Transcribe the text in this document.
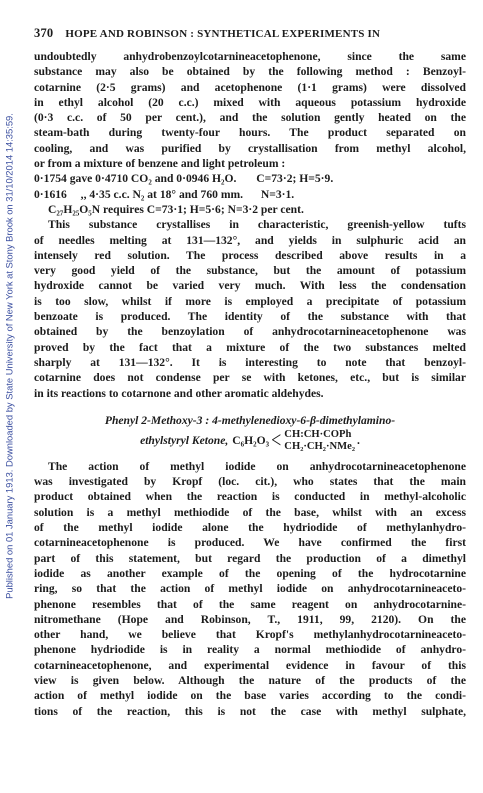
Published on 01 January 1913. Downloaded by State University of New York at Stony Brook on 31/10/2014 14:35:59.
370 HOPE AND ROBINSON : SYNTHETICAL EXPERIMENTS IN

undoubtedly anhydrobenzoylcotarnineacetophenone, since the same

substance may also be obtained by the following method : Benzoyl-

cotarnine (2·5 grams) and acetophenone (1·1 grams) were dissolved

in ethyl alcohol (20 c.c.) mixed with aqueous potassium hydroxide

(0·3 c.c. of 50 per cent.), and the solution gently heated on the

steam-bath during twenty-four hours. The product separated on

cooling, and was purified by crystallisation from methyl alcohol,

or from a mixture of benzene and light petroleum :

0·1754 gave 0·4710 CO₂ and 0·0946 H₂O. C=73·2; H=5·9.

0·1616 ,, 4·35 c.c. N₂ at 18° and 760 mm. N=3·1.

C₂₇H₂₅O₅N requires C=73·1; H=5·6; N=3·2 per cent.

This substance crystallises in characteristic, greenish-yellow tufts

of needles melting at 131—132°, and yields in sulphuric acid an

intensely red solution. The process described above results in a

very good yield of the substance, but the amount of potassium

hydroxide cannot be varied very much. With less the condensation

is too slow, whilst if more is employed a precipitate of potassium

benzoate is produced. The identity of the substance with that

obtained by the benzoylation of anhydrocotarnineacetophenone was

proved by the fact that a mixture of the two substances melted

sharply at 131—132°. It is interesting to note that benzoyl-

cotarnine does not condense per se with ketones, etc., but is similar

in its reactions to cotarnone and other aromatic aldehydes.

Phenyl 2-Methoxy-3 : 4-methylenedioxy-6-β-dimethylamino-
ethylstyryl Ketone, C₆H₂O₃ < CH:CH·COPh
CH₂·CH₂·NMe₂ .

The action of methyl iodide on anhydrocotarnineacetophenone

was investigated by Kropf (loc. cit.), who states that the main

product obtained when the reaction is conducted in methyl-alcoholic

solution is a methyl methiodide of the base, whilst with an excess

of the methyl iodide alone the hydriodide of methylanhydro-

cotarnineacetophenone is produced. We have confirmed the first

part of this statement, but regard the production of a dimethyl

iodide as another example of the opening of the hydrocotarnine

ring, so that the action of methyl iodide on anhydrocotarnineaceto-

phenone resembles that of the same reagent on anhydrocotarnine-

nitromethane (Hope and Robinson, T., 1911, 99, 2120). On the

other hand, we believe that Kropf's methylanhydrocotarnineaceto-

phenone hydriodide is in reality a normal methiodide of anhydro-

cotarnineacetophenone, and experimental evidence in favour of this

view is given below. Although the nature of the products of the

action of methyl iodide on the base varies according to the condi-

tions of the reaction, this is not the case with methyl sulphate,
